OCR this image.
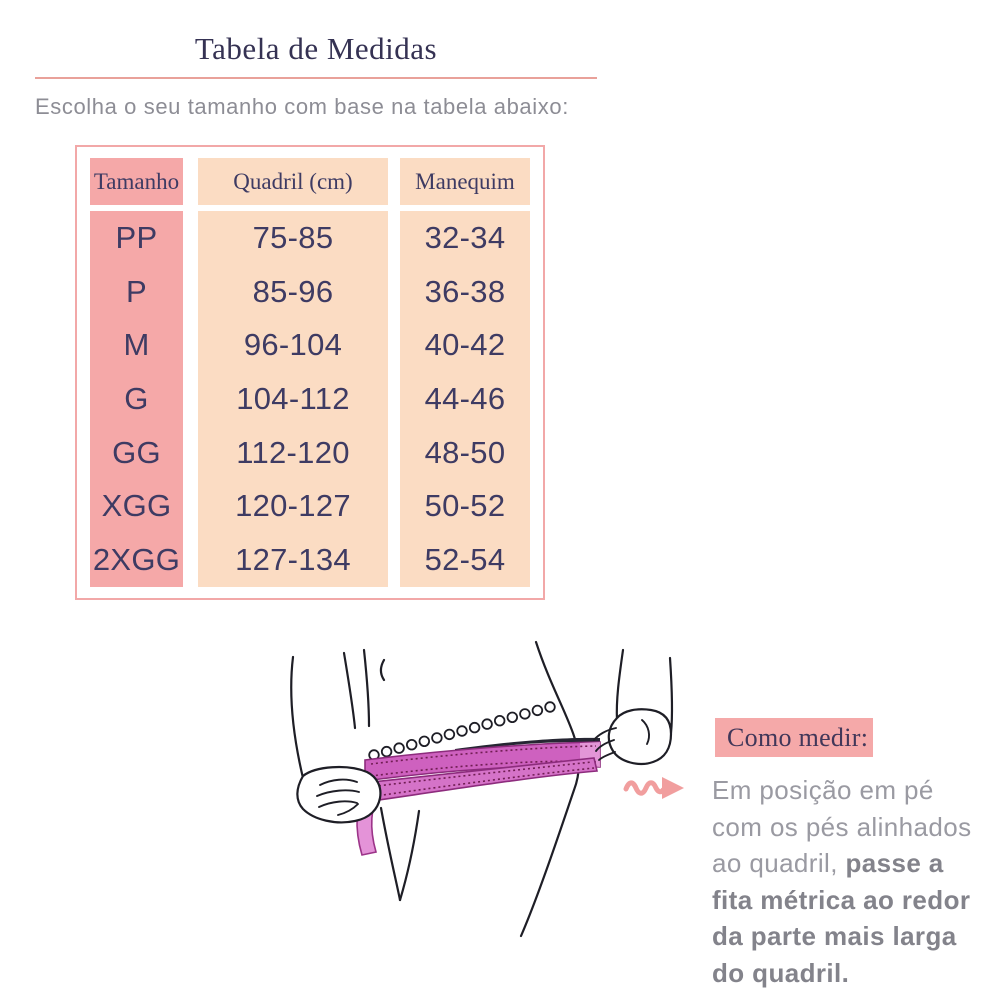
Tabela de Medidas
Escolha o seu tamanho com base na tabela abaixo:
Tamanho
PP
P
M
G
GG
XGG
2XGG
Quadril (cm)
75-85
85-96
96-104
104-112
112-120
120-127
127-134
Manequim
32-34
36-38
40-42
44-46
48-50
50-52
52-54
Como medir:
Em posição em pé
com os pés alinhados
ao quadril, passe a
fita métrica ao redor
da parte mais larga
do quadril.
